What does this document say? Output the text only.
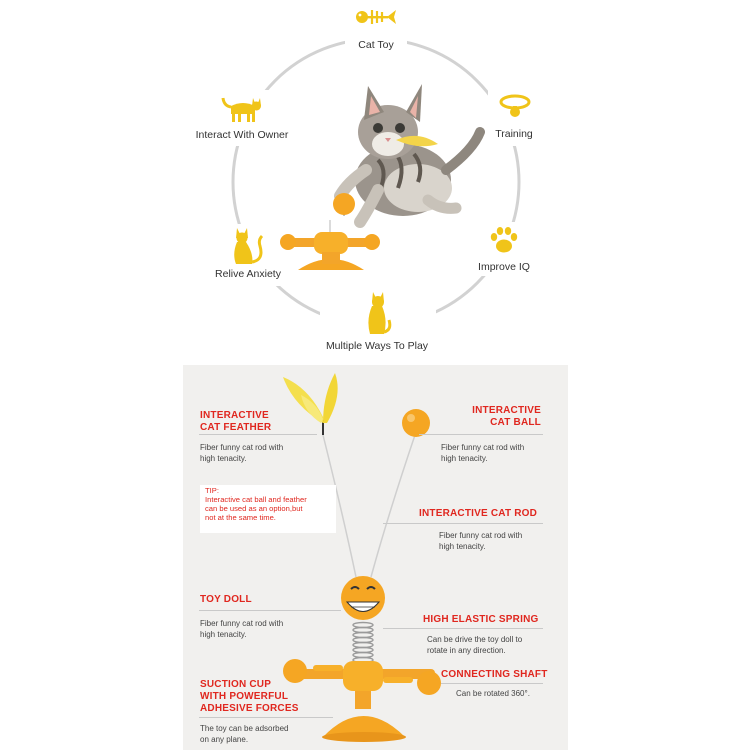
Cat Toy
Training
Improve IQ
Multiple Ways To Play
Relive Anxiety
Interact With Owner
INTERACTIVE
CAT FEATHER
Fiber funny cat rod with
high tenacity.
INTERACTIVE
CAT BALL
Fiber funny cat rod with
high tenacity.
TIP:
Interactive cat ball and feather
can be used as an option,but
not at the same time.	INTERACTIVE CAT ROD
Fiber funny cat rod with
high tenacity.
TOY DOLL
Fiber funny cat rod with
high tenacity.
HIGH ELASTIC SPRING
Can be drive the toy doll to
rotate in any direction.
CONNECTING SHAFT
Can be rotated 360°.
SUCTION CUP
WITH POWERFUL
ADHESIVE FORCES
The toy can be adsorbed
on any plane.
